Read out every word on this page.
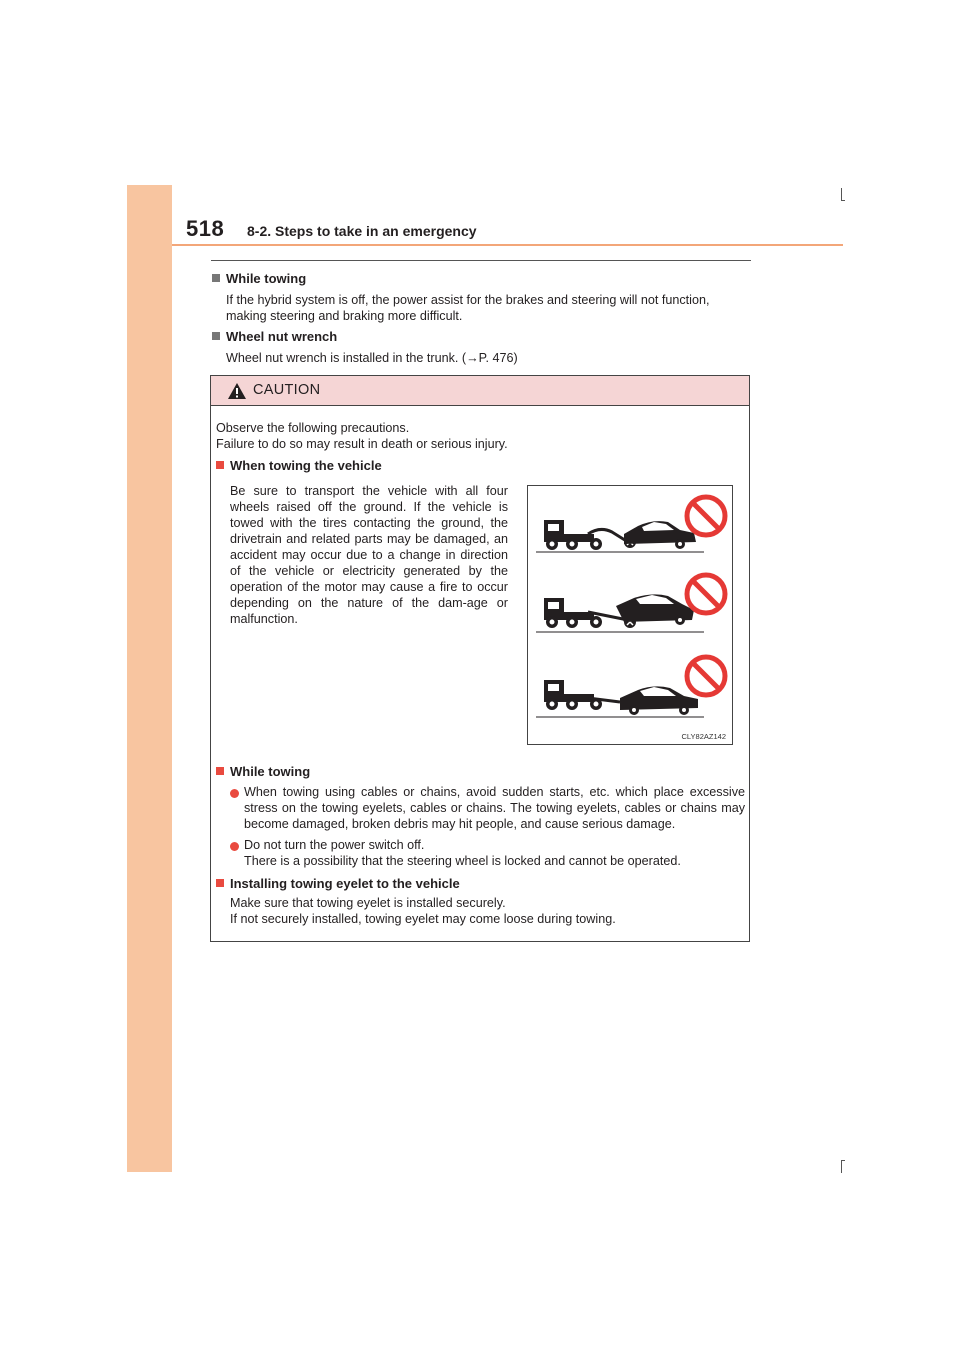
518 8-2. Steps to take in an emergency
While towing
If the hybrid system is off, the power assist for the brakes and steering will not function, making steering and braking more difficult.
Wheel nut wrench
Wheel nut wrench is installed in the trunk. (→P. 476)
CAUTION
Observe the following precautions.
Failure to do so may result in death or serious injury.
When towing the vehicle
Be sure to transport the vehicle with all four wheels raised off the ground. If the vehicle is towed with the tires contacting the ground, the drivetrain and related parts may be damaged, an accident may occur due to a change in direction of the vehicle or electricity generated by the operation of the motor may cause a fire to occur depending on the nature of the dam-age or malfunction.
CLY82AZ142
While towing
When towing using cables or chains, avoid sudden starts, etc. which place excessive stress on the towing eyelets, cables or chains. The towing eyelets, cables or chains may become damaged, broken debris may hit people, and cause serious damage.
Do not turn the power switch off.
There is a possibility that the steering wheel is locked and cannot be operated.
Installing towing eyelet to the vehicle
Make sure that towing eyelet is installed securely.
If not securely installed, towing eyelet may come loose during towing.
